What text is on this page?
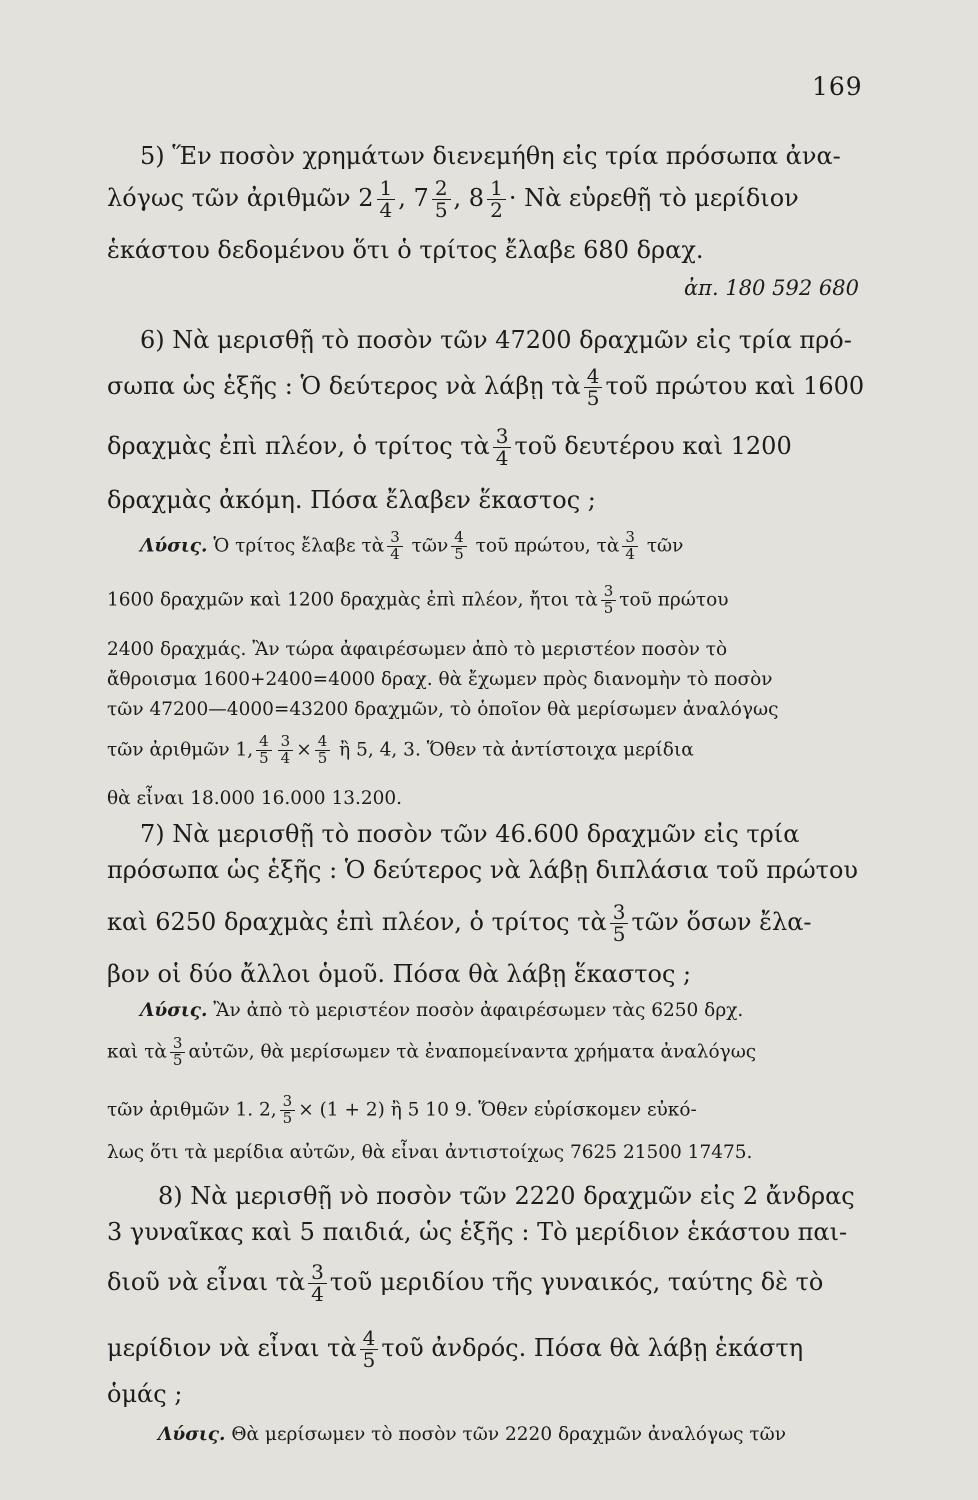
169
5) Ἕν ποσὸν χρημάτων διενεμήθη εἰς τρία πρόσωπα ἀνα-
λόγως τῶν ἀριθμῶν $2 \frac{1}{4}$ , $7 \frac{2}{5}$ , $8 \frac{1}{2}$ · Νὰ εὑρεθῇ τὸ μερίδιον
ἑκάστου δεδομένου ὅτι ὁ τρίτος ἔλαβε 680 δραχ.
ἀπ. 180 592 680
6) Νὰ μερισθῇ τὸ ποσὸν τῶν 47200 δραχμῶν εἰς τρία πρό-
σωπα ὡς ἑξῆς : Ὁ δεύτερος νὰ λάβῃ τὰ $\frac{4}{5}$ τοῦ πρώτου καὶ 1600
δραχμὰς ἐπὶ πλέον, ὁ τρίτος τὰ $\frac{3}{4}$ τοῦ δευτέρου καὶ 1200
δραχμὰς ἀκόμη. Πόσα ἔλαβεν ἕκαστος ;
Λύσις. Ὁ τρίτος ἔλαβε τὰ $\frac{3}{4}$ τῶν $\frac{4}{5}$ τοῦ πρώτου, τὰ $\frac{3}{4}$ τῶν
1600 δραχμῶν καὶ 1200 δραχμὰς ἐπὶ πλέον, ἤτοι τὰ $\frac{3}{5}$ τοῦ πρώτου
2400 δραχμάς. Ἂν τώρα ἀφαιρέσωμεν ἀπὸ τὸ μεριστέον ποσὸν τὸ
ἄθροισμα 1600+2400=4000 δραχ. θὰ ἔχωμεν πρὸς διανομὴν τὸ ποσὸν
τῶν 47200—4000=43200 δραχμῶν, τὸ ὁποῖον θὰ μερίσωμεν ἀναλόγως
τῶν ἀριθμῶν 1, $\frac{4}{5} \frac{3}{4} \times \frac{4}{5}$ ἢ 5, 4, 3. Ὅθεν τὰ ἀντίστοιχα μερίδια
θὰ εἶναι 18.000 16.000 13.200.
7) Νὰ μερισθῇ τὸ ποσὸν τῶν 46.600 δραχμῶν εἰς τρία
πρόσωπα ὡς ἑξῆς : Ὁ δεύτερος νὰ λάβῃ διπλάσια τοῦ πρώτου
καὶ 6250 δραχμὰς ἐπὶ πλέον, ὁ τρίτος τὰ $\frac{3}{5}$ τῶν ὅσων ἔλα-
βον οἱ δύο ἄλλοι ὁμοῦ. Πόσα θὰ λάβῃ ἕκαστος ;
Λύσις. Ἂν ἀπὸ τὸ μεριστέον ποσὸν ἀφαιρέσωμεν τὰς 6250 δρχ.
καὶ τὰ $\frac{3}{5}$ αὐτῶν, θὰ μερίσωμεν τὰ ἐναπομείναντα χρήματα ἀναλόγως
τῶν ἀριθμῶν 1. 2, $\frac{3}{5} \times (1 + 2)$ ἢ 5 10 9. Ὅθεν εὑρίσκομεν εὐκό-
λως ὅτι τὰ μερίδια αὐτῶν, θὰ εἶναι ἀντιστοίχως 7625 21500 17475.
8) Νὰ μερισθῇ νὸ ποσὸν τῶν 2220 δραχμῶν εἰς 2 ἄνδρας
3 γυναῖκας καὶ 5 παιδιά, ὡς ἑξῆς : Τὸ μερίδιον ἑκάστου παι-
διοῦ νὰ εἶναι τὰ $\frac{3}{4}$ τοῦ μεριδίου τῆς γυναικός, ταύτης δὲ τὸ
μερίδιον νὰ εἶναι τὰ $\frac{4}{5}$ τοῦ ἀνδρός. Πόσα θὰ λάβῃ ἑκάστη
ὁμάς ;
Λύσις. Θὰ μερίσωμεν τὸ ποσὸν τῶν 2220 δραχμῶν ἀναλόγως τῶν
